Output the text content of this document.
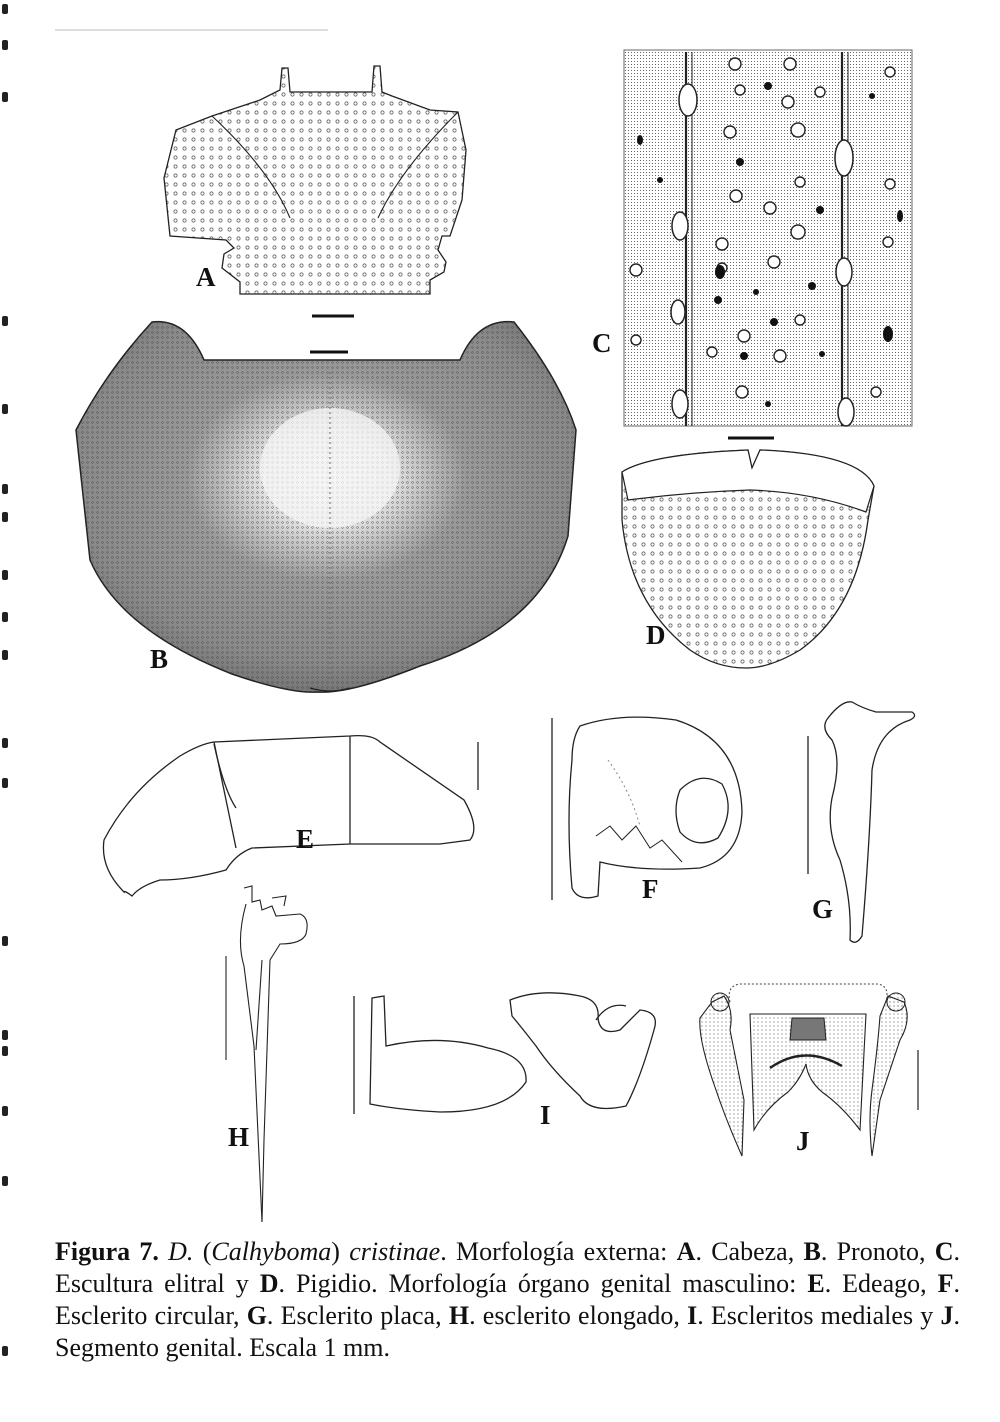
A
B
C
D
E
F
G
H
I
J
Figura 7. D. (Calhyboma) cristinae. Morfología externa: A. Cabeza, B. Pronoto, C. Escultura elitral y D. Pigidio. Morfología órgano genital masculino: E. Edeago, F. Esclerito circular, G. Esclerito placa, H. esclerito elongado, I. Escleritos mediales y J. Segmento genital. Escala 1 mm.
